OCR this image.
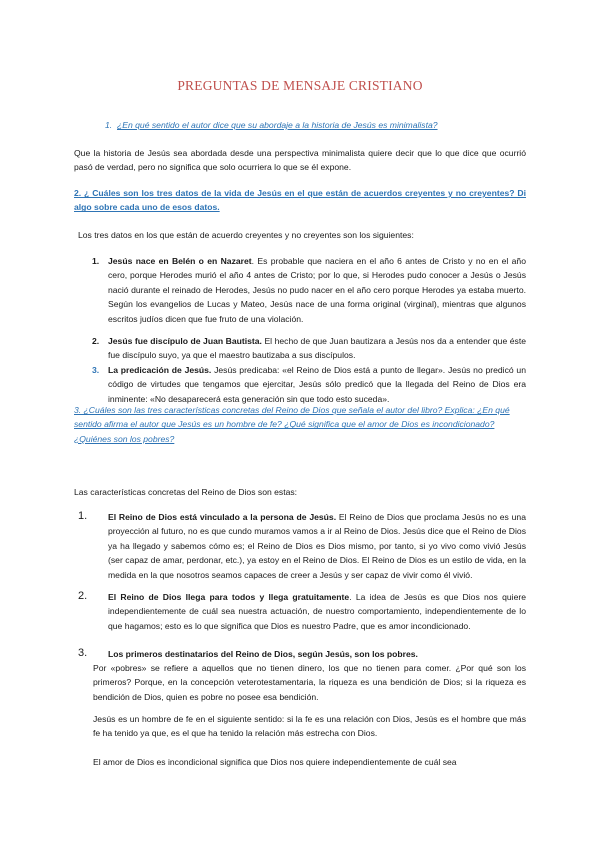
PREGUNTAS DE MENSAJE CRISTIANO
1. ¿En qué sentido el autor dice que su abordaje a la historia de Jesús es minimalista?
Que la historia de Jesús sea abordada desde una perspectiva minimalista quiere decir que lo que dice que ocurrió pasó de verdad, pero no significa que solo ocurriera lo que se él expone.
2. ¿ Cuáles son los tres datos de la vida de Jesús en el que están de acuerdos creyentes y no creyentes? Di algo sobre cada uno de esos datos.
Los tres datos en los que están de acuerdo creyentes y no creyentes son los siguientes:
1. Jesús nace en Belén o en Nazaret. Es probable que naciera en el año 6 antes de Cristo y no en el año cero, porque Herodes murió el año 4 antes de Cristo; por lo que, si Herodes pudo conocer a Jesús o Jesús nació durante el reinado de Herodes, Jesús no pudo nacer en el año cero porque Herodes ya estaba muerto. Según los evangelios de Lucas y Mateo, Jesús nace de una forma original (virginal), mientras que algunos escritos judíos dicen que fue fruto de una violación.
2. Jesús fue discípulo de Juan Bautista. El hecho de que Juan bautizara a Jesús nos da a entender que éste fue discípulo suyo, ya que el maestro bautizaba a sus discípulos.
3. La predicación de Jesús. Jesús predicaba: «el Reino de Dios está a punto de llegar». Jesús no predicó un código de virtudes que tengamos que ejercitar, Jesús sólo predicó que la llegada del Reino de Dios era inminente: «No desaparecerá esta generación sin que todo esto suceda».
3. ¿Cuáles son las tres características concretas del Reino de Dios que señala el autor del libro? Explica: ¿En qué sentido afirma el autor que Jesús es un hombre de fe? ¿Qué significa que el amor de Dios es incondicionado? ¿Quiénes son los pobres?
Las características concretas del Reino de Dios son estas:
1. El Reino de Dios está vinculado a la persona de Jesús. El Reino de Dios que proclama Jesús no es una proyección al futuro, no es que cundo muramos vamos a ir al Reino de Dios. Jesús dice que el Reino de Dios ya ha llegado y sabemos cómo es; el Reino de Dios es Dios mismo, por tanto, si yo vivo como vivió Jesús (ser capaz de amar, perdonar, etc.), ya estoy en el Reino de Dios. El Reino de Dios es un estilo de vida, en la medida en la que nosotros seamos capaces de creer a Jesús y ser capaz de vivir como él vivió.
2. El Reino de Dios llega para todos y llega gratuitamente. La idea de Jesús es que Dios nos quiere independientemente de cuál sea nuestra actuación, de nuestro comportamiento, independientemente de lo que hagamos; esto es lo que significa que Dios es nuestro Padre, que es amor incondicionado.
3. Los primeros destinatarios del Reino de Dios, según Jesús, son los pobres.
Por «pobres» se refiere a aquellos que no tienen dinero, los que no tienen para comer. ¿Por qué son los primeros? Porque, en la concepción veterotestamentaria, la riqueza es una bendición de Dios; si la riqueza es bendición de Dios, quien es pobre no posee esa bendición.
Jesús es un hombre de fe en el siguiente sentido: si la fe es una relación con Dios, Jesús es el hombre que más fe ha tenido ya que, es el que ha tenido la relación más estrecha con Dios.
El amor de Dios es incondicional significa que Dios nos quiere independientemente de cuál sea
